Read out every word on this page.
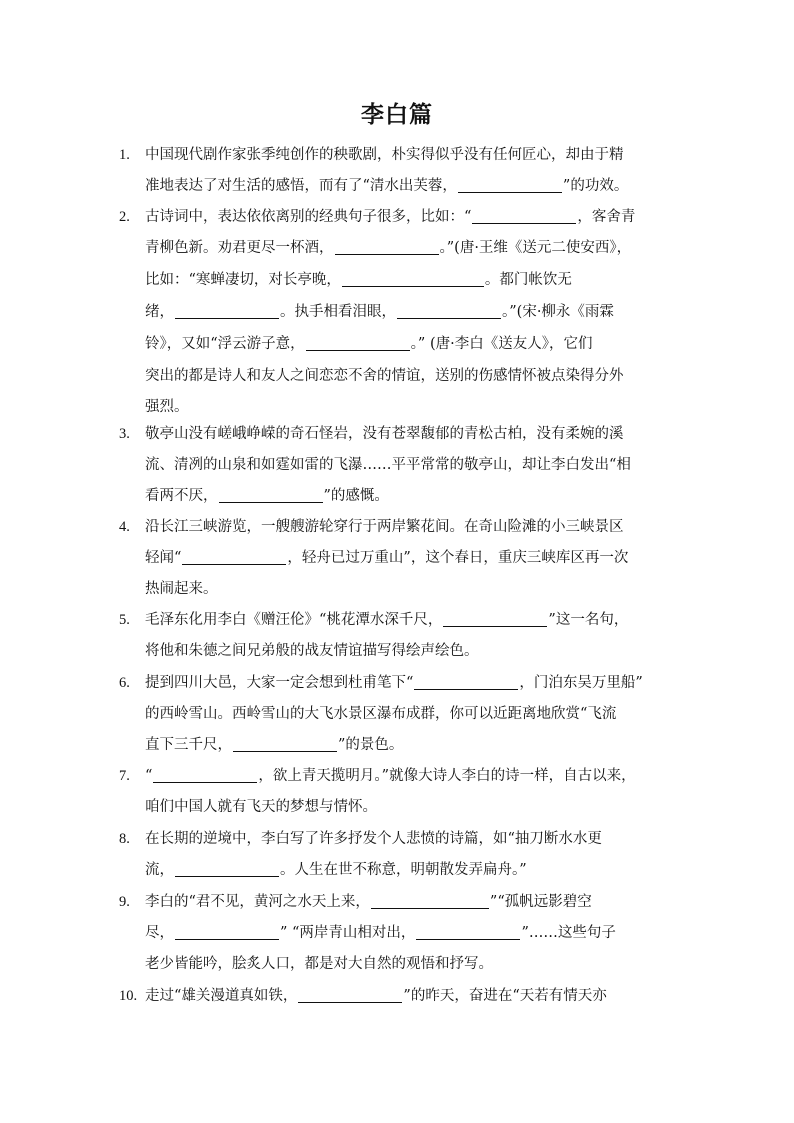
李白篇
1.	中国现代剧作家张季纯创作的秧歌剧，朴实得似乎没有任何匠心，却由于精
准地表达了对生活的感悟，而有了“清水出芙蓉，	”的功效。
2.	古诗词中，表达依依离别的经典句子很多，比如：“	，客舍青
青柳色新。劝君更尽一杯酒，	。”(唐·王维《送元二使安西》，
比如：“寒蝉凄切，对长亭晚，	。都门帐饮无
绪，	。执手相看泪眼，	。”(宋·柳永《雨霖
铃》，又如“浮云游子意，	。” (唐·李白《送友人》，它们
突出的都是诗人和友人之间恋恋不舍的情谊，送别的伤感情怀被点染得分外
强烈。
3.	敬亭山没有嵯峨峥嵘的奇石怪岩，没有苍翠馥郁的青松古柏，没有柔婉的溪
流、清冽的山泉和如霆如雷的飞瀑……平平常常的敬亭山，却让李白发出“相
看两不厌，	”的感慨。
4.	沿长江三峡游览，一艘艘游轮穿行于两岸繁花间。在奇山险滩的小三峡景区
轻闻“	，轻舟已过万重山”，这个春日，重庆三峡库区再一次
热闹起来。
5.	毛泽东化用李白《赠汪伦》“桃花潭水深千尺，	”这一名句，
将他和朱德之间兄弟般的战友情谊描写得绘声绘色。
6.	提到四川大邑，大家一定会想到杜甫笔下“	，门泊东吴万里船”
的西岭雪山。西岭雪山的大飞水景区瀑布成群，你可以近距离地欣赏“飞流
直下三千尺，	”的景色。
7.	“	，欲上青天揽明月。”就像大诗人李白的诗一样，自古以来，
咱们中国人就有飞天的梦想与情怀。
8.	在长期的逆境中，李白写了许多抒发个人悲愤的诗篇，如“抽刀断水水更
流，	。人生在世不称意，明朝散发弄扁舟。”
9.	李白的“君不见，黄河之水天上来，	”“孤帆远影碧空
尽，	” “两岸青山相对出，	”……这些句子
老少皆能吟，脍炙人口，都是对大自然的观悟和抒写。
10. 走过“雄关漫道真如铁，	”的昨天，奋进在“天若有情天亦
